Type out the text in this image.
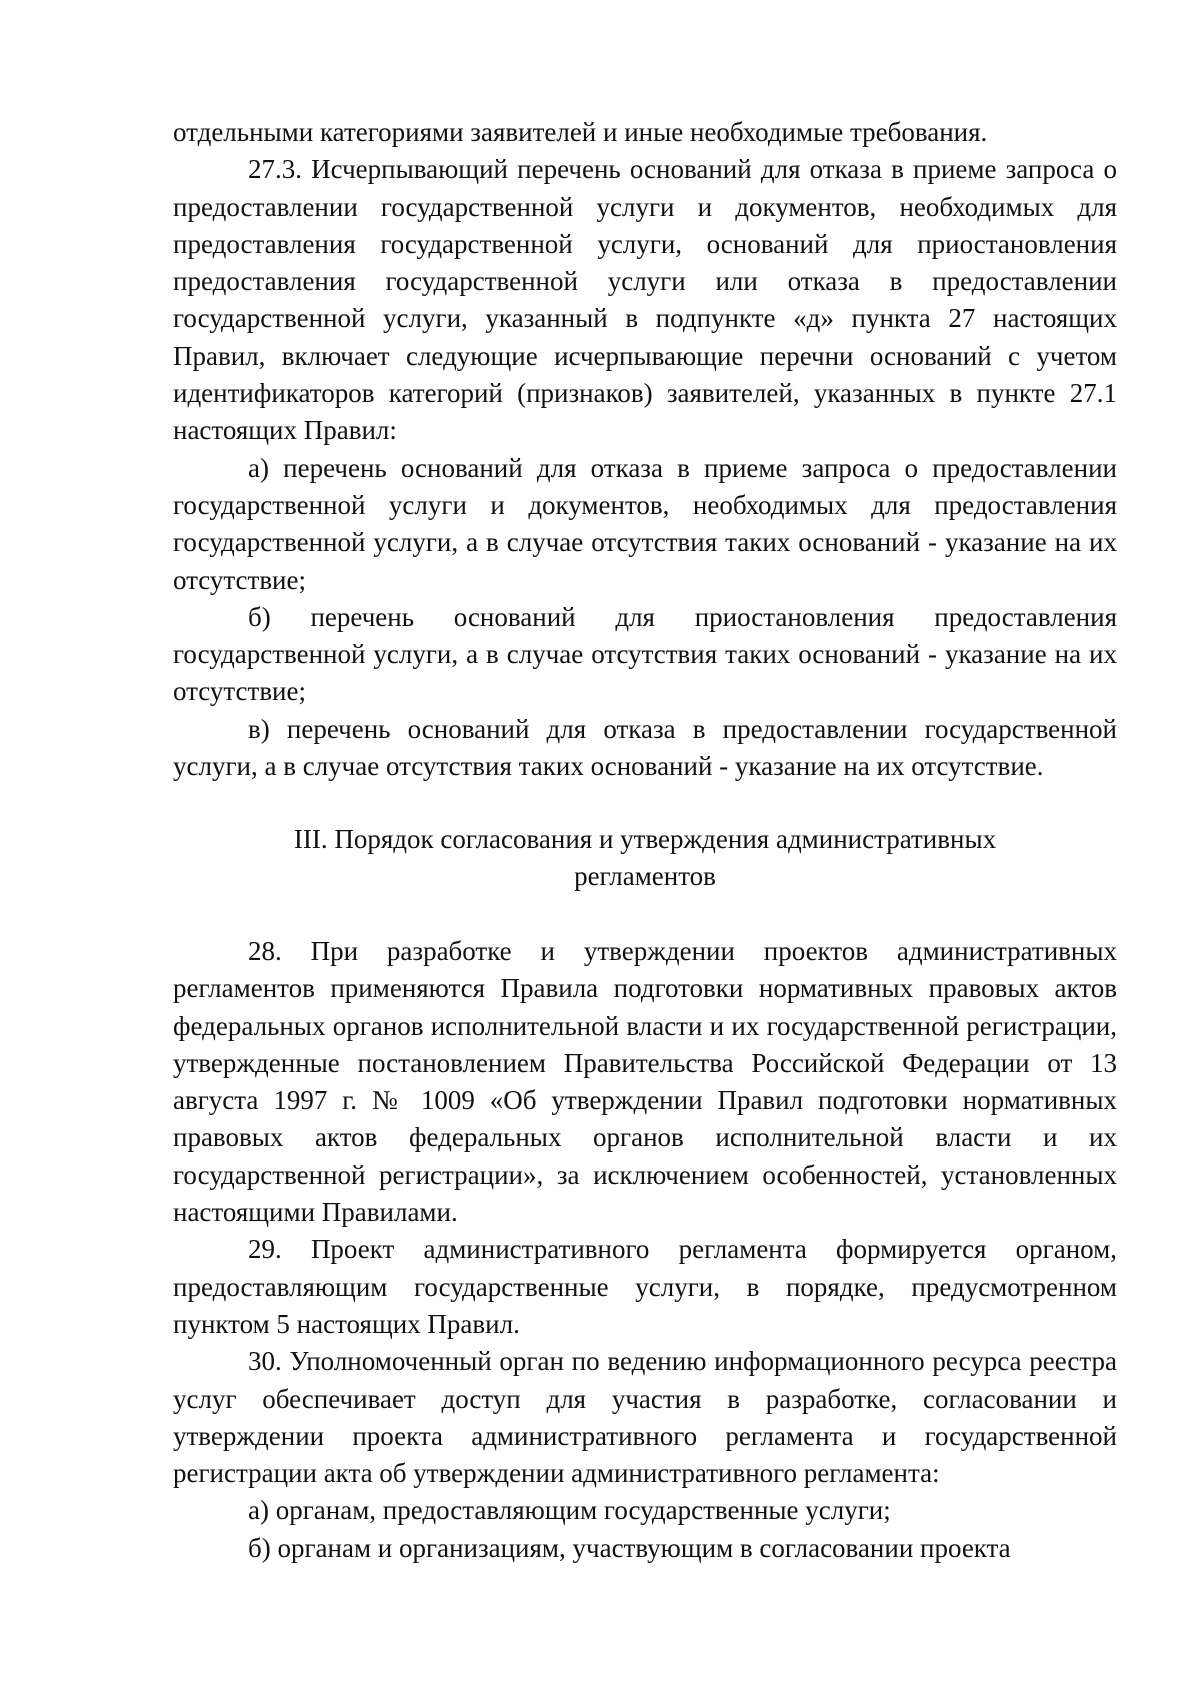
отдельными категориями заявителей и иные необходимые требования.

27.3. Исчерпывающий перечень оснований для отказа в приеме запроса о предоставлении государственной услуги и документов, необходимых для предоставления государственной услуги, оснований для приостановления предоставления государственной услуги или отказа в предоставлении государственной услуги, указанный в подпункте «д» пункта 27 настоящих Правил, включает следующие исчерпывающие перечни оснований с учетом идентификаторов категорий (признаков) заявителей, указанных в пункте 27.1 настоящих Правил:

а) перечень оснований для отказа в приеме запроса о предоставлении государственной услуги и документов, необходимых для предоставления государственной услуги, а в случае отсутствия таких оснований - указание на их отсутствие;

б) перечень оснований для приостановления предоставления государственной услуги, а в случае отсутствия таких оснований - указание на их отсутствие;

в) перечень оснований для отказа в предоставлении государственной услуги, а в случае отсутствия таких оснований - указание на их отсутствие.

III. Порядок согласования и утверждения административных

регламентов

28. При разработке и утверждении проектов административных регламентов применяются Правила подготовки нормативных правовых актов федеральных органов исполнительной власти и их государственной регистрации, утвержденные постановлением Правительства Российской Федерации от 13 августа 1997 г. № 1009 «Об утверждении Правил подготовки нормативных правовых актов федеральных органов исполнительной власти и их государственной регистрации», за исключением особенностей, установленных настоящими Правилами.

29. Проект административного регламента формируется органом, предоставляющим государственные услуги, в порядке, предусмотренном пунктом 5 настоящих Правил.

30. Уполномоченный орган по ведению информационного ресурса реестра услуг обеспечивает доступ для участия в разработке, согласовании и утверждении проекта административного регламента и государственной регистрации акта об утверждении административного регламента:

а) органам, предоставляющим государственные услуги;

б) органам и организациям, участвующим в согласовании проекта
